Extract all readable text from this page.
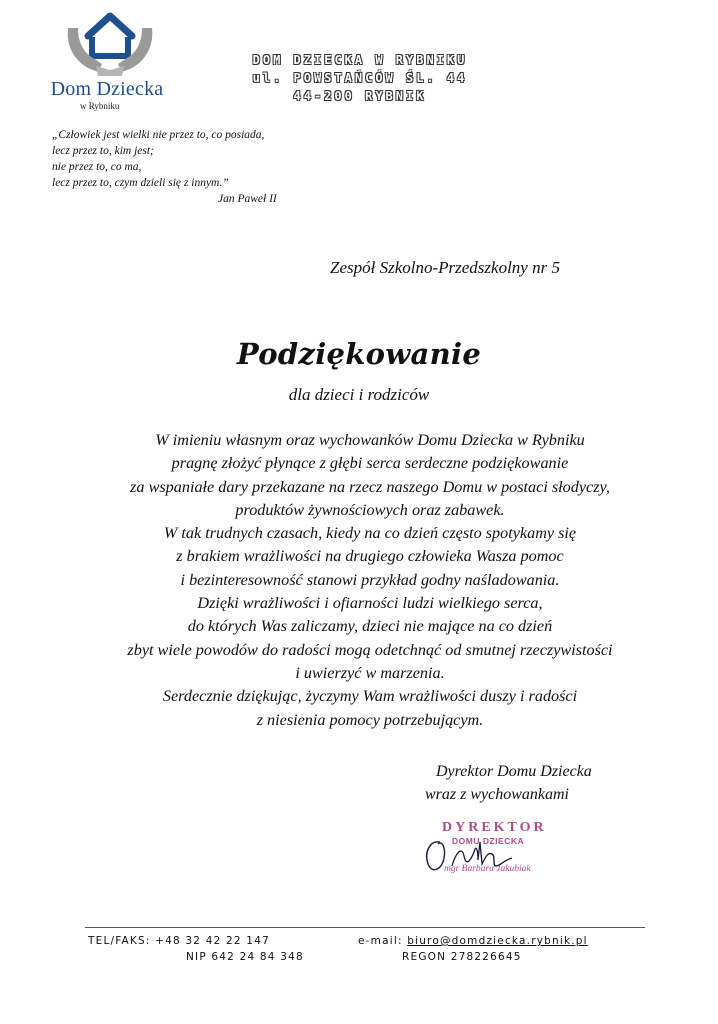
Dom Dziecka
w Rybniku
DOM DZIECKA W RYBNIKU
ul. POWSTAŃCÓW ŚL. 44
44-200 RYBNIK
„Człowiek jest wielki nie przez to, co posiada,
lecz przez to, kim jest;
nie przez to, co ma,
lecz przez to, czym dzieli się z innym.”
Jan Paweł II
Zespół Szkolno-Przedszkolny nr 5
Podziękowanie
dla dzieci i rodziców
W imieniu własnym oraz wychowanków Domu Dziecka w Rybniku
pragnę złożyć płynące z głębi serca serdeczne podziękowanie
za wspaniałe dary przekazane na rzecz naszego Domu w postaci słodyczy,
produktów żywnościowych oraz zabawek.
W tak trudnych czasach, kiedy na co dzień często spotykamy się
z brakiem wrażliwości na drugiego człowieka Wasza pomoc
i bezinteresowność stanowi przykład godny naśladowania.
Dzięki wrażliwości i ofiarności ludzi wielkiego serca,
do których Was zaliczamy, dzieci nie mające na co dzień
zbyt wiele powodów do radości mogą odetchnąć od smutnej rzeczywistości
i uwierzyć w marzenia.
Serdecznie dziękując, życzymy Wam wrażliwości duszy i radości
z niesienia pomocy potrzebującym.
Dyrektor Domu Dziecka
wraz z wychowankami
DYREKTOR
DOMU DZIECKA
mgr Barbara Jakubiak
TEL/FAKS: +48 32 42 22 147	e-mail: biuro@domdziecka.rybnik.pl
NIP 642 24 84 348	REGON 278226645
